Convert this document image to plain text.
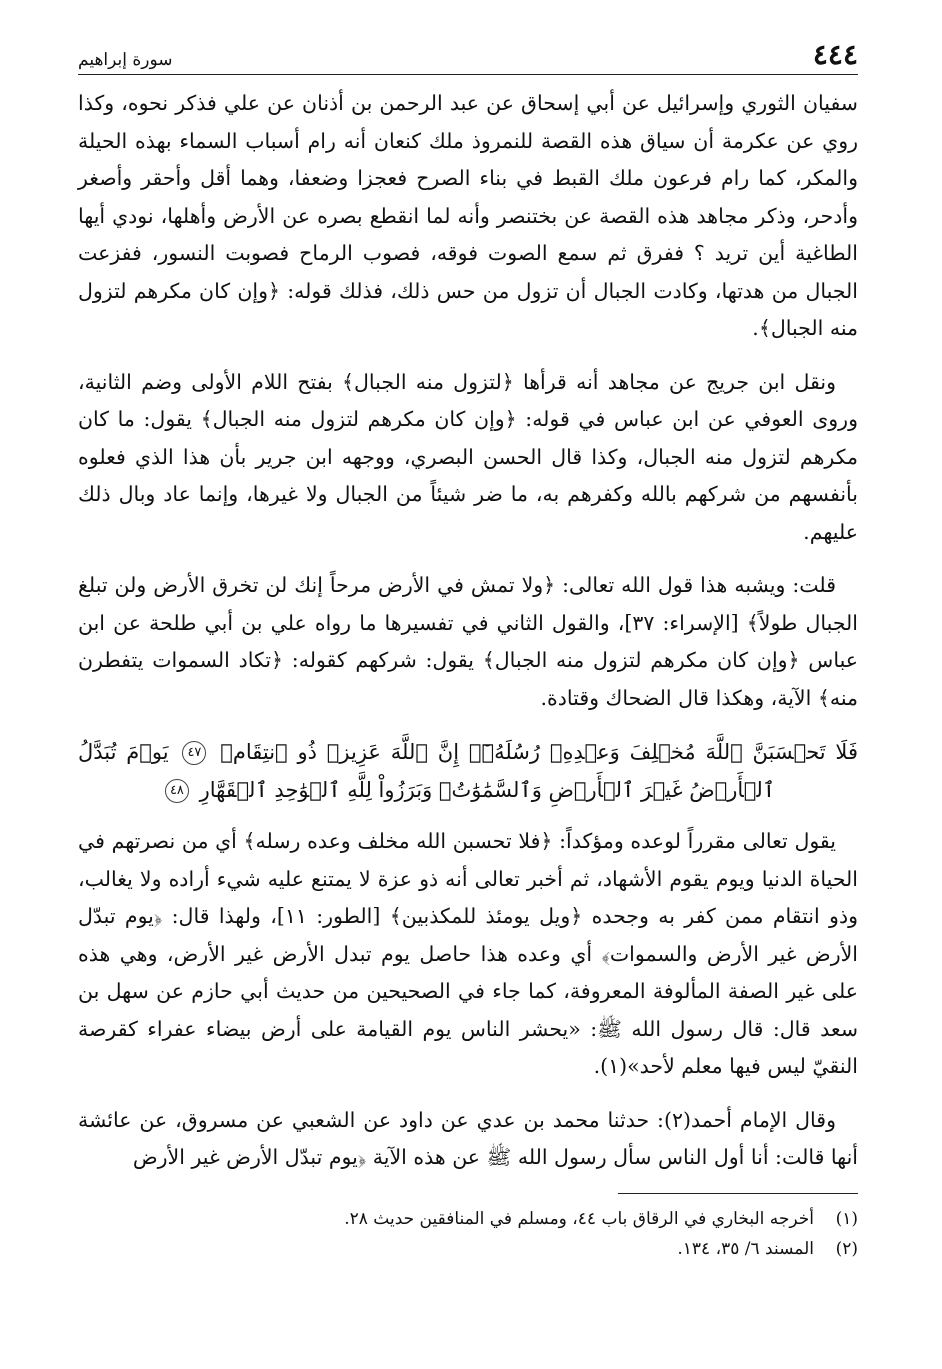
٤٤٤
سورة إبراهيم

سفيان الثوري وإسرائيل عن أبي إسحاق عن عبد الرحمن بن أذنان عن علي فذكر نحوه، وكذا روي عن عكرمة أن سياق هذه القصة للنمروذ ملك كنعان أنه رام أسباب السماء بهذه الحيلة والمكر، كما رام فرعون ملك القبط في بناء الصرح فعجزا وضعفا، وهما أقل وأحقر وأصغر وأدحر، وذكر مجاهد هذه القصة عن بختنصر وأنه لما انقطع بصره عن الأرض وأهلها، نودي أيها الطاغية أين تريد ؟ ففرق ثم سمع الصوت فوقه، فصوب الرماح فصوبت النسور، ففزعت الجبال من هدتها، وكادت الجبال أن تزول من حس ذلك، فذلك قوله: ﴿وإن كان مكرهم لتزول منه الجبال﴾.

ونقل ابن جريج عن مجاهد أنه قرأها ﴿لتزول منه الجبال﴾ بفتح اللام الأولى وضم الثانية، وروى العوفي عن ابن عباس في قوله: ﴿وإن كان مكرهم لتزول منه الجبال﴾ يقول: ما كان مكرهم لتزول منه الجبال، وكذا قال الحسن البصري، ووجهه ابن جرير بأن هذا الذي فعلوه بأنفسهم من شركهم بالله وكفرهم به، ما ضر شيئاً من الجبال ولا غيرها، وإنما عاد وبال ذلك عليهم.

قلت: ويشبه هذا قول الله تعالى: ﴿ولا تمش في الأرض مرحاً إنك لن تخرق الأرض ولن تبلغ الجبال طولاً﴾ [الإسراء: ٣٧]، والقول الثاني في تفسيرها ما رواه علي بن أبي طلحة عن ابن عباس ﴿وإن كان مكرهم لتزول منه الجبال﴾ يقول: شركهم كقوله: ﴿تكاد السموات يتفطرن منه﴾ الآية، وهكذا قال الضحاك وقتادة.

فَلَا تَحۡسَبَنَّ ٱللَّهَ مُخۡلِفَ وَعۡدِهِۦ رُسُلَهُۥٓۚ إِنَّ ٱللَّهَ عَزِيزٞ ذُو ٱنتِقَامٖ ٤٧ يَوۡمَ تُبَدَّلُ ٱلۡأَرۡضُ غَيۡرَ ٱلۡأَرۡضِ وَٱلسَّمَٰوَٰتُۖ وَبَرَزُواْ لِلَّهِ ٱلۡوَٰحِدِ ٱلۡقَهَّارِ ٤٨

يقول تعالى مقرراً لوعده ومؤكداً: ﴿فلا تحسبن الله مخلف وعده رسله﴾ أي من نصرتهم في الحياة الدنيا ويوم يقوم الأشهاد، ثم أخبر تعالى أنه ذو عزة لا يمتنع عليه شيء أراده ولا يغالب، وذو انتقام ممن كفر به وجحده ﴿ويل يومئذ للمكذبين﴾ [الطور: ١١]، ولهذا قال: ﴿يوم تبدّل الأرض غير الأرض والسموات﴾ أي وعده هذا حاصل يوم تبدل الأرض غير الأرض، وهي هذه على غير الصفة المألوفة المعروفة، كما جاء في الصحيحين من حديث أبي حازم عن سهل بن سعد قال: قال رسول الله ﷺ: «يحشر الناس يوم القيامة على أرض بيضاء عفراء كقرصة النقيّ ليس فيها معلم لأحد»(١).

وقال الإمام أحمد(٢): حدثنا محمد بن عدي عن داود عن الشعبي عن مسروق، عن عائشة أنها قالت: أنا أول الناس سأل رسول الله ﷺ عن هذه الآية ﴿يوم تبدّل الأرض غير الأرض

(١)
أخرجه البخاري في الرقاق باب ٤٤، ومسلم في المنافقين حديث ٢٨.
(٢)
المسند ٦/ ٣٥، ١٣٤.
